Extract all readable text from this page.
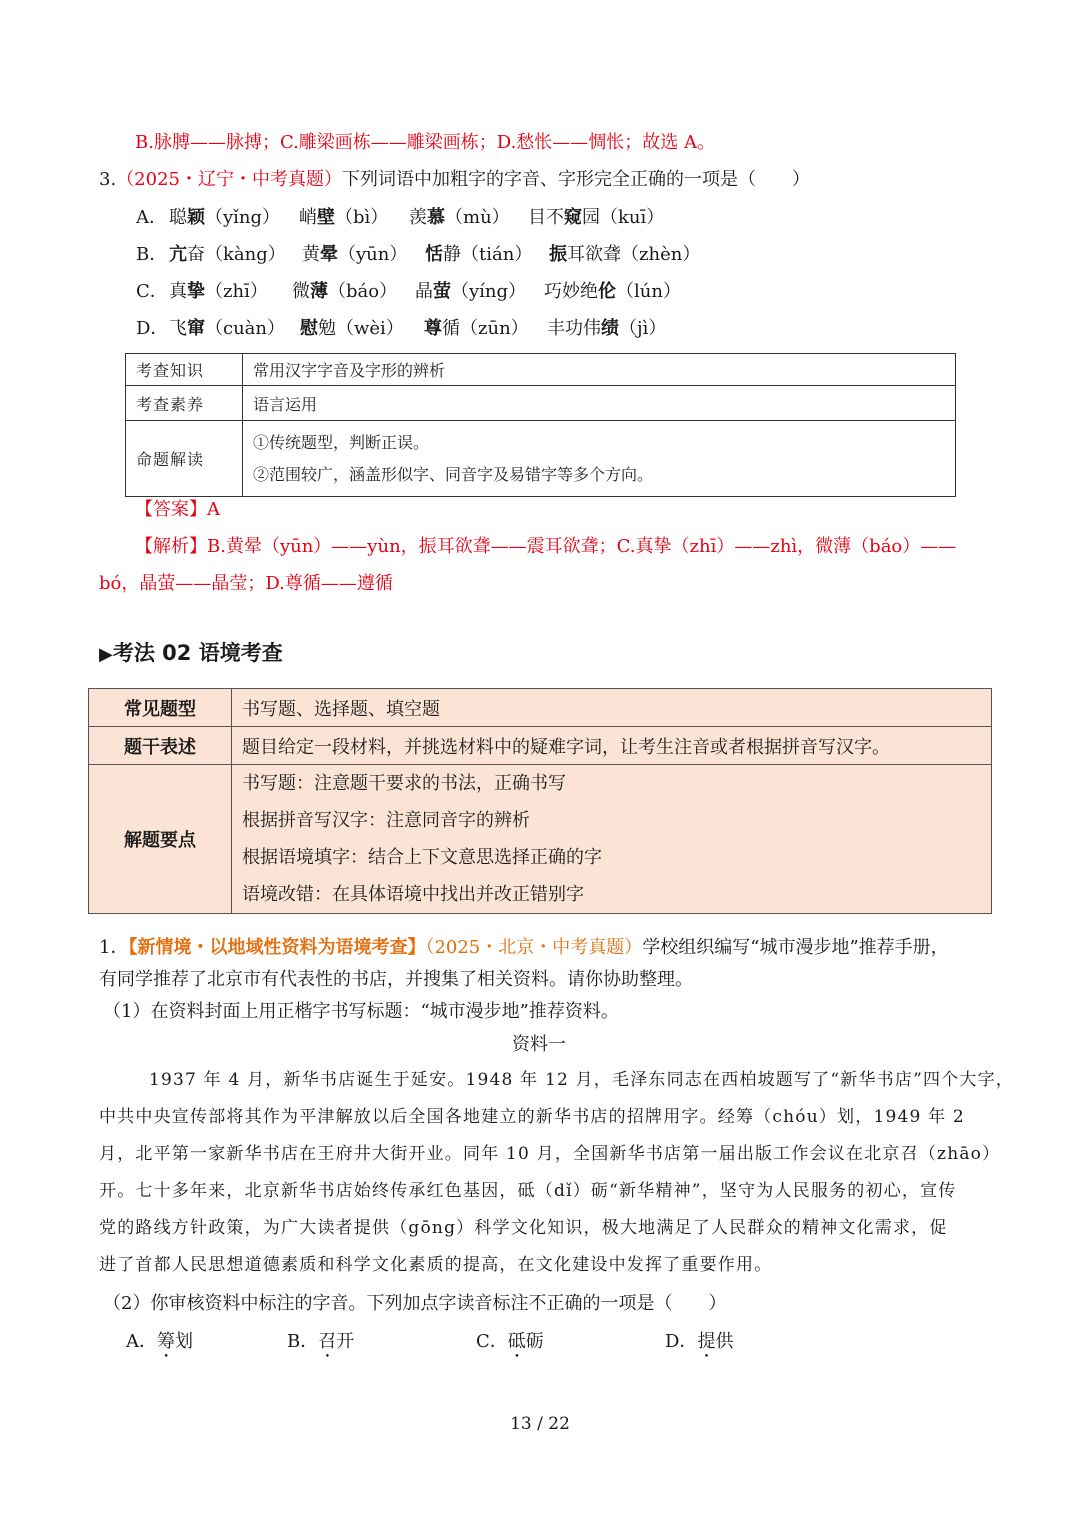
B.脉膊——脉搏；C.雕梁画栋——雕梁画栋；D.愁怅——惆怅；故选 A。
3.（2025・辽宁・中考真题）下列词语中加粗字的字音、字形完全正确的一项是（　　）
A． 聪颖（yǐng） 峭壁（bì） 羡慕（mù） 目不窥园（kuī）
B． 亢奋（kàng） 黄晕（yūn） 恬静（tián） 振耳欲聋（zhèn）
C． 真挚（zhī） 微薄（báo） 晶萤（yíng） 巧妙绝伦（lún）
D． 飞窜（cuàn） 慰勉（wèi） 尊循（zūn） 丰功伟绩（jì）
考查知识	常用汉字字音及字形的辨析
考查素养	语言运用
命题解读	①传统题型，判断正误。
②范围较广，涵盖形似字、同音字及易错字等多个方向。
【答案】A
【解析】B.黄晕（yūn）——yùn，振耳欲聋——震耳欲聋；C.真挚（zhī）——zhì，微薄（báo）——
bó，晶萤——晶莹；D.尊循——遵循
▶考法 02 语境考查
常见题型	书写题、选择题、填空题
题干表述	题目给定一段材料，并挑选材料中的疑难字词，让考生注音或者根据拼音写汉字。
解题要点	书写题：注意题干要求的书法，正确书写
根据拼音写汉字：注意同音字的辨析
根据语境填字：结合上下文意思选择正确的字
语境改错：在具体语境中找出并改正错别字
1．【新情境・以地域性资料为语境考查】（2025・北京・中考真题）学校组织编写“城市漫步地”推荐手册，
有同学推荐了北京市有代表性的书店，并搜集了相关资料。请你协助整理。
（1）在资料封面上用正楷字书写标题：“城市漫步地”推荐资料。
资料一
1937 年 4 月，新华书店诞生于延安。1948 年 12 月，毛泽东同志在西柏坡题写了“新华书店”四个大字，
中共中央宣传部将其作为平津解放以后全国各地建立的新华书店的招牌用字。经筹（chóu）划，1949 年 2
月，北平第一家新华书店在王府井大街开业。同年 10 月，全国新华书店第一届出版工作会议在北京召（zhāo）
开。七十多年来，北京新华书店始终传承红色基因，砥（dǐ）砺“新华精神”，坚守为人民服务的初心，宣传
党的路线方针政策，为广大读者提供（gōng）科学文化知识，极大地满足了人民群众的精神文化需求，促
进了首都人民思想道德素质和科学文化素质的提高，在文化建设中发挥了重要作用。
（2）你审核资料中标注的字音。下列加点字读音标注不正确的一项是（　　）
A．筹划	B．召开	C．砥砺	D．提供
13 / 22
